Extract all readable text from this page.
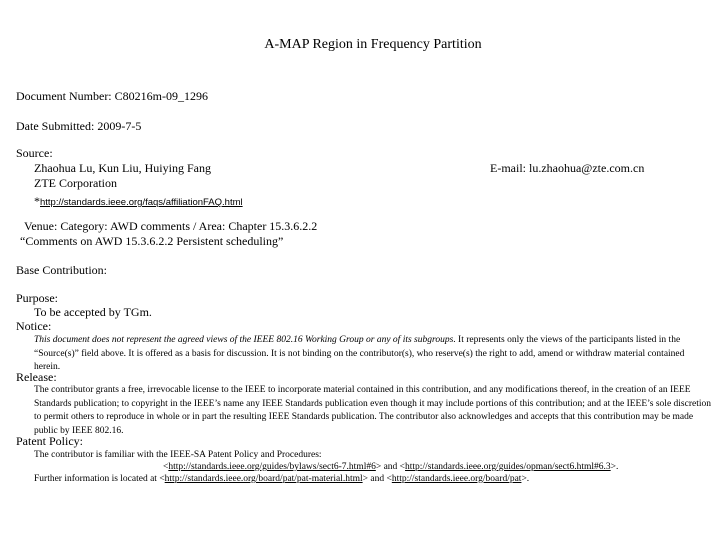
A-MAP Region in Frequency Partition
Document Number: C80216m-09_1296
Date Submitted: 2009-7-5
Source:
Zhaohua Lu, Kun Liu, Huiying Fang
ZTE Corporation
E-mail: lu.zhaohua@zte.com.cn
*http://standards.ieee.org/faqs/affiliationFAQ.html
Venue: Category: AWD comments / Area: Chapter 15.3.6.2.2
“Comments on AWD 15.3.6.2.2 Persistent scheduling”
Base Contribution:
Purpose:
To be accepted by TGm.
Notice:
This document does not represent the agreed views of the IEEE 802.16 Working Group or any of its subgroups. It represents only the views of the participants listed in the “Source(s)” field above. It is offered as a basis for discussion. It is not binding on the contributor(s), who reserve(s) the right to add, amend or withdraw material contained herein.
Release:
The contributor grants a free, irrevocable license to the IEEE to incorporate material contained in this contribution, and any modifications thereof, in the creation of an IEEE Standards publication; to copyright in the IEEE’s name any IEEE Standards publication even though it may include portions of this contribution; and at the IEEE’s sole discretion to permit others to reproduce in whole or in part the resulting IEEE Standards publication. The contributor also acknowledges and accepts that this contribution may be made public by IEEE 802.16.
Patent Policy:
The contributor is familiar with the IEEE-SA Patent Policy and Procedures:
<http://standards.ieee.org/guides/bylaws/sect6-7.html#6> and <http://standards.ieee.org/guides/opman/sect6.html#6.3>.
Further information is located at <http://standards.ieee.org/board/pat/pat-material.html> and <http://standards.ieee.org/board/pat>.
